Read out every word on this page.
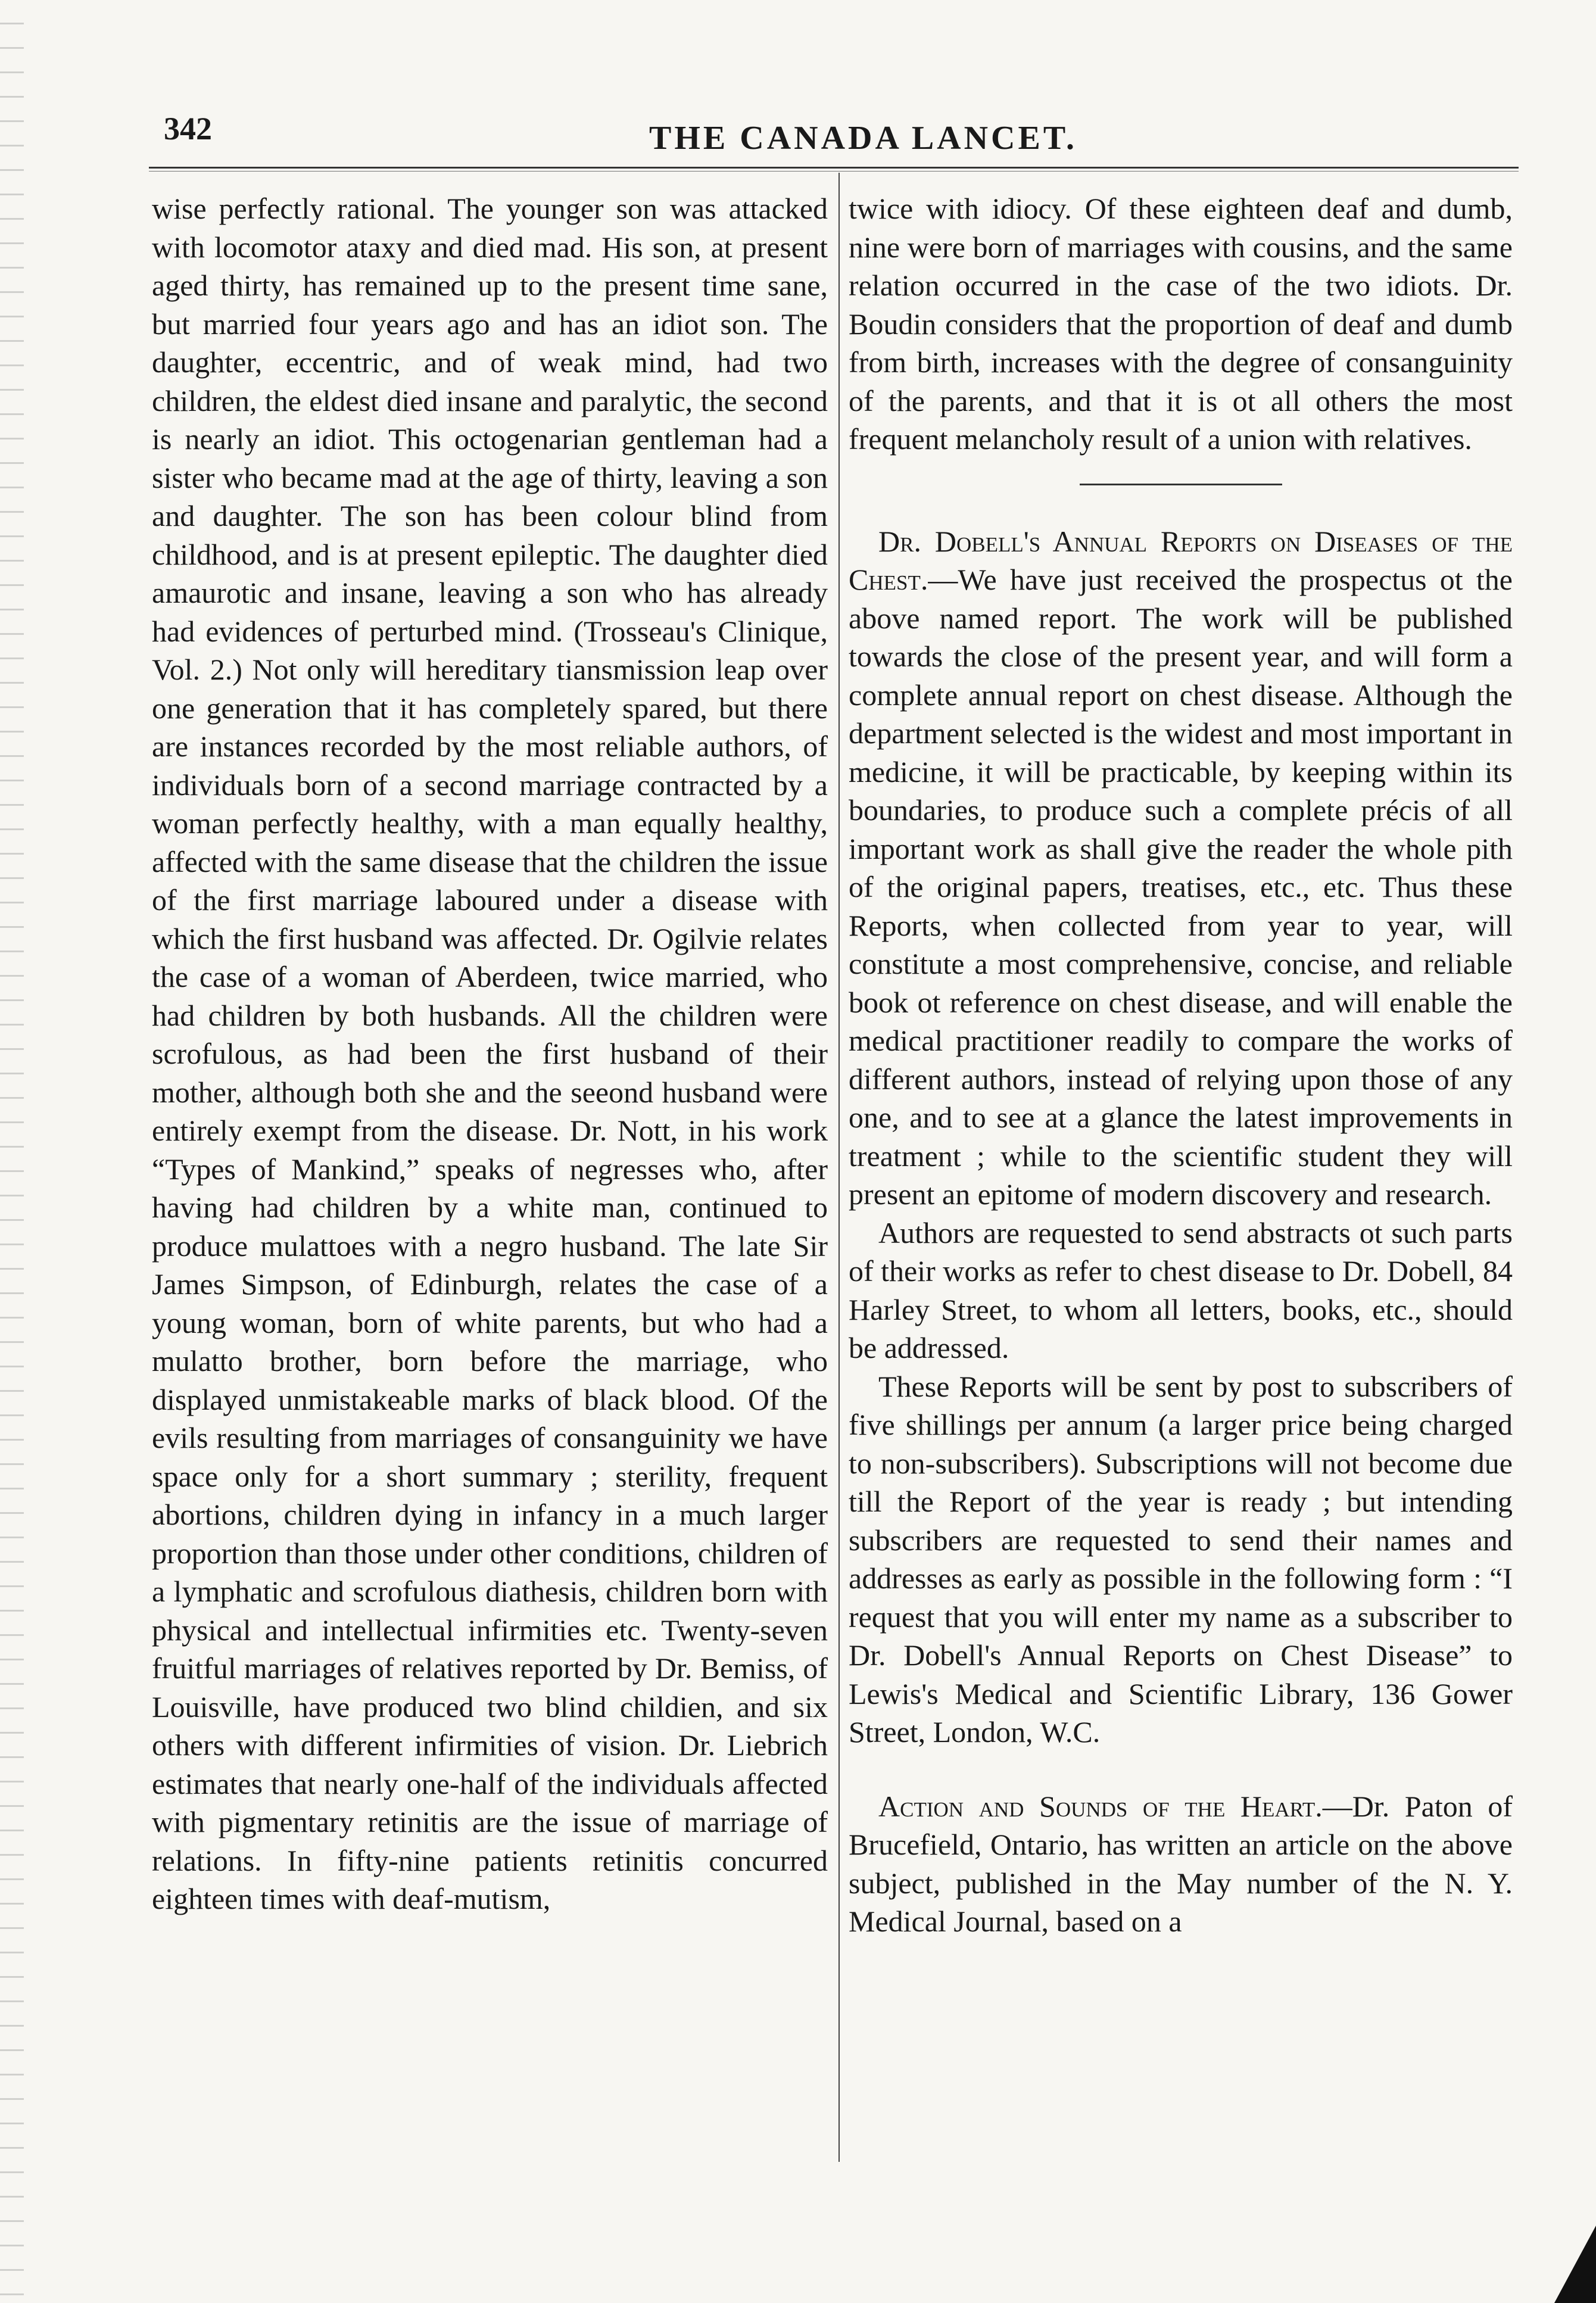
342	THE CANADA LANCET.

wise perfectly rational. The younger son was attacked with locomotor ataxy and died mad. His son, at present aged thirty, has remained up to the present time sane, but married four years ago and has an idiot son. The daughter, eccentric, and of weak mind, had two children, the eldest died insane and paralytic, the second is nearly an idiot. This octogenarian gentleman had a sister who became mad at the age of thirty, leaving a son and daughter. The son has been colour blind from childhood, and is at present epileptic. The daughter died amaurotic and insane, leaving a son who has already had evidences of perturbed mind. (Trosseau's Clinique, Vol. 2.) Not only will hereditary tiansmission leap over one generation that it has completely spared, but there are instances recorded by the most reliable authors, of individuals born of a second marriage contracted by a woman perfectly healthy, with a man equally healthy, affected with the same disease that the children the issue of the first marriage laboured under a disease with which the first husband was affected. Dr. Ogilvie relates the case of a woman of Aberdeen, twice married, who had children by both husbands. All the children were scrofulous, as had been the first husband of their mother, although both she and the seeond husband were entirely exempt from the disease. Dr. Nott, in his work “Types of Mankind,” speaks of negresses who, after having had children by a white man, continued to produce mulattoes with a negro husband. The late Sir James Simpson, of Edinburgh, relates the case of a young woman, born of white parents, but who had a mulatto brother, born before the marriage, who displayed unmistakeable marks of black blood. Of the evils resulting from marriages of consanguinity we have space only for a short summary ; sterility, frequent abortions, children dying in infancy in a much larger proportion than those under other conditions, children of a lymphatic and scrofulous diathesis, children born with physical and intellectual infirmities etc. Twenty-seven fruitful marriages of relatives reported by Dr. Bemiss, of Louisville, have produced two blind childien, and six others with different infirmities of vision. Dr. Liebrich estimates that nearly one-half of the individuals affected with pigmentary retinitis are the issue of marriage of relations. In fifty-nine patients retinitis concurred eighteen times with deaf-mutism,

twice with idiocy. Of these eighteen deaf and dumb, nine were born of marriages with cousins, and the same relation occurred in the case of the two idiots. Dr. Boudin considers that the proportion of deaf and dumb from birth, increases with the degree of consanguinity of the parents, and that it is ot all others the most frequent melancholy result of a union with relatives.

Dr. Dobell's Annual Reports on Diseases of the Chest.—We have just received the prospectus ot the above named report. The work will be published towards the close of the present year, and will form a complete annual report on chest disease. Although the department selected is the widest and most important in medicine, it will be practicable, by keeping within its boundaries, to produce such a complete précis of all important work as shall give the reader the whole pith of the original papers, treatises, etc., etc. Thus these Reports, when collected from year to year, will constitute a most comprehensive, concise, and reliable book ot reference on chest disease, and will enable the medical practitioner readily to compare the works of different authors, instead of relying upon those of any one, and to see at a glance the latest improvements in treatment ; while to the scientific student they will present an epitome of modern discovery and research.

Authors are requested to send abstracts ot such parts of their works as refer to chest disease to Dr. Dobell, 84 Harley Street, to whom all letters, books, etc., should be addressed.

These Reports will be sent by post to subscribers of five shillings per annum (a larger price being charged to non-subscribers). Subscriptions will not become due till the Report of the year is ready ; but intending subscribers are requested to send their names and addresses as early as possible in the following form : “I request that you will enter my name as a subscriber to Dr. Dobell's Annual Reports on Chest Disease” to Lewis's Medical and Scientific Library, 136 Gower Street, London, W.C.

Action and Sounds of the Heart.—Dr. Paton of Brucefield, Ontario, has written an article on the above subject, published in the May number of the N. Y. Medical Journal, based on a
